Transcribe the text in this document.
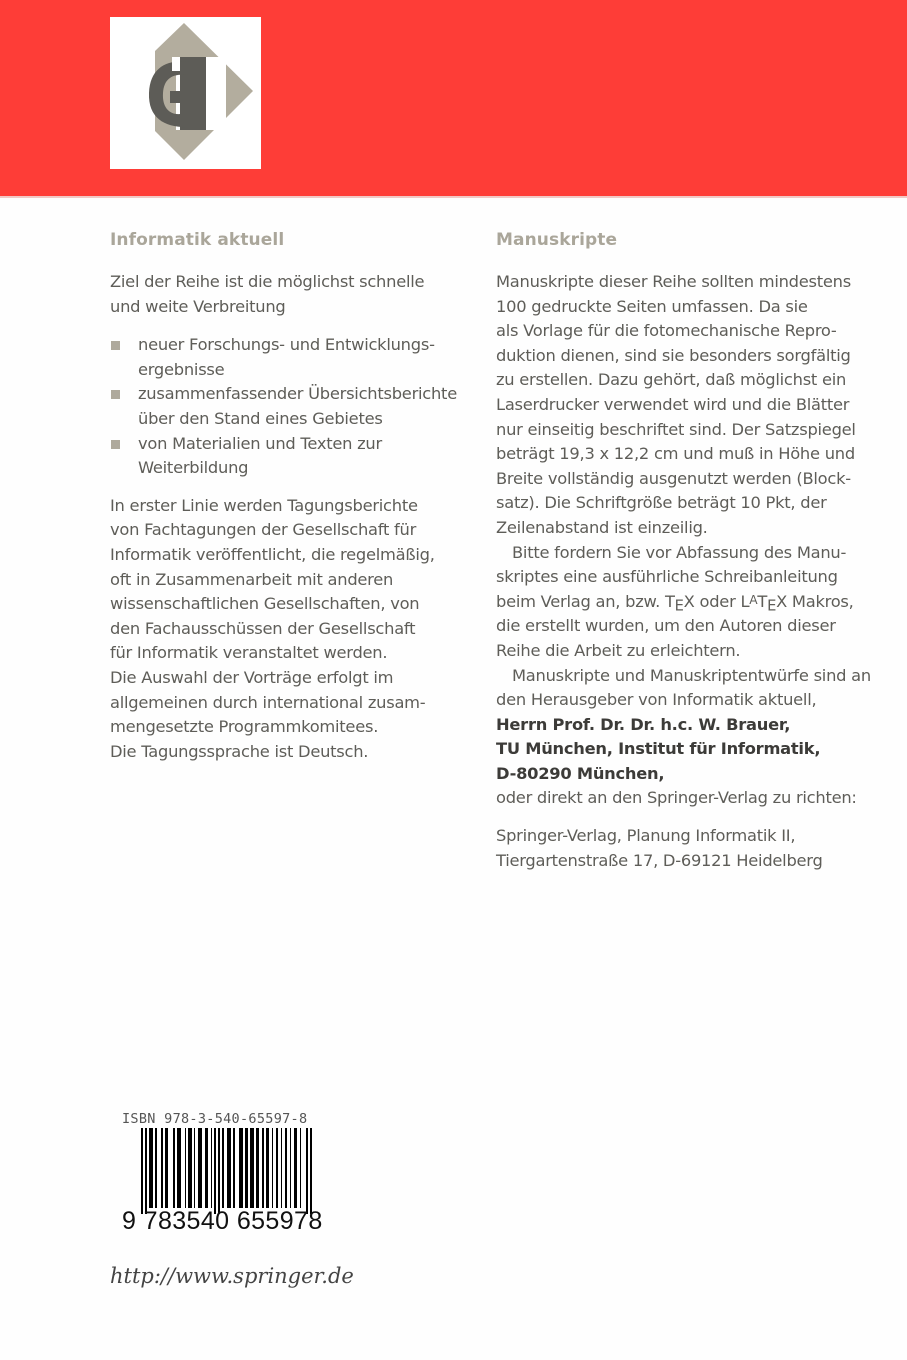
Informatik aktuell

Ziel der Reihe ist die möglichst schnelle
und weite Verbreitung

neuer Forschungs- und Entwicklungs-
ergebnisse
zusammenfassender Übersichtsberichte
über den Stand eines Gebietes
von Materialien und Texten zur
Weiterbildung

In erster Linie werden Tagungsberichte
von Fachtagungen der Gesellschaft für
Informatik veröffentlicht, die regelmäßig,
oft in Zusammenarbeit mit anderen
wissenschaftlichen Gesellschaften, von
den Fachausschüssen der Gesellschaft
für Informatik veranstaltet werden.
Die Auswahl der Vorträge erfolgt im
allgemeinen durch international zusam-
mengesetzte Programmkomitees.
Die Tagungssprache ist Deutsch.

Manuskripte

Manuskripte dieser Reihe sollten mindestens
100 gedruckte Seiten umfassen. Da sie
als Vorlage für die fotomechanische Repro-
duktion dienen, sind sie besonders sorgfältig
zu erstellen. Dazu gehört, daß möglichst ein
Laserdrucker verwendet wird und die Blätter
nur einseitig beschriftet sind. Der Satzspiegel
beträgt 19,3 x 12,2 cm und muß in Höhe und
Breite vollständig ausgenutzt werden (Block-
satz). Die Schriftgröße beträgt 10 Pkt, der
Zeilenabstand ist einzeilig.

Bitte fordern Sie vor Abfassung des Manu-
skriptes eine ausführliche Schreibanleitung
beim Verlag an, bzw. $T_EX$ oder $L^AT_EX$ Makros,
die erstellt wurden, um den Autoren dieser
Reihe die Arbeit zu erleichtern.

Manuskripte und Manuskriptentwürfe sind an
den Herausgeber von Informatik aktuell,
Herrn Prof. Dr. Dr. h.c. W. Brauer,
TU München, Institut für Informatik,
D-80290 München,
oder direkt an den Springer-Verlag zu richten:

Springer-Verlag, Planung Informatik II,
Tiergartenstraße 17, D-69121 Heidelberg

ISBN 978-3-540-65597-8
9 783540 655978
http://www.springer.de
